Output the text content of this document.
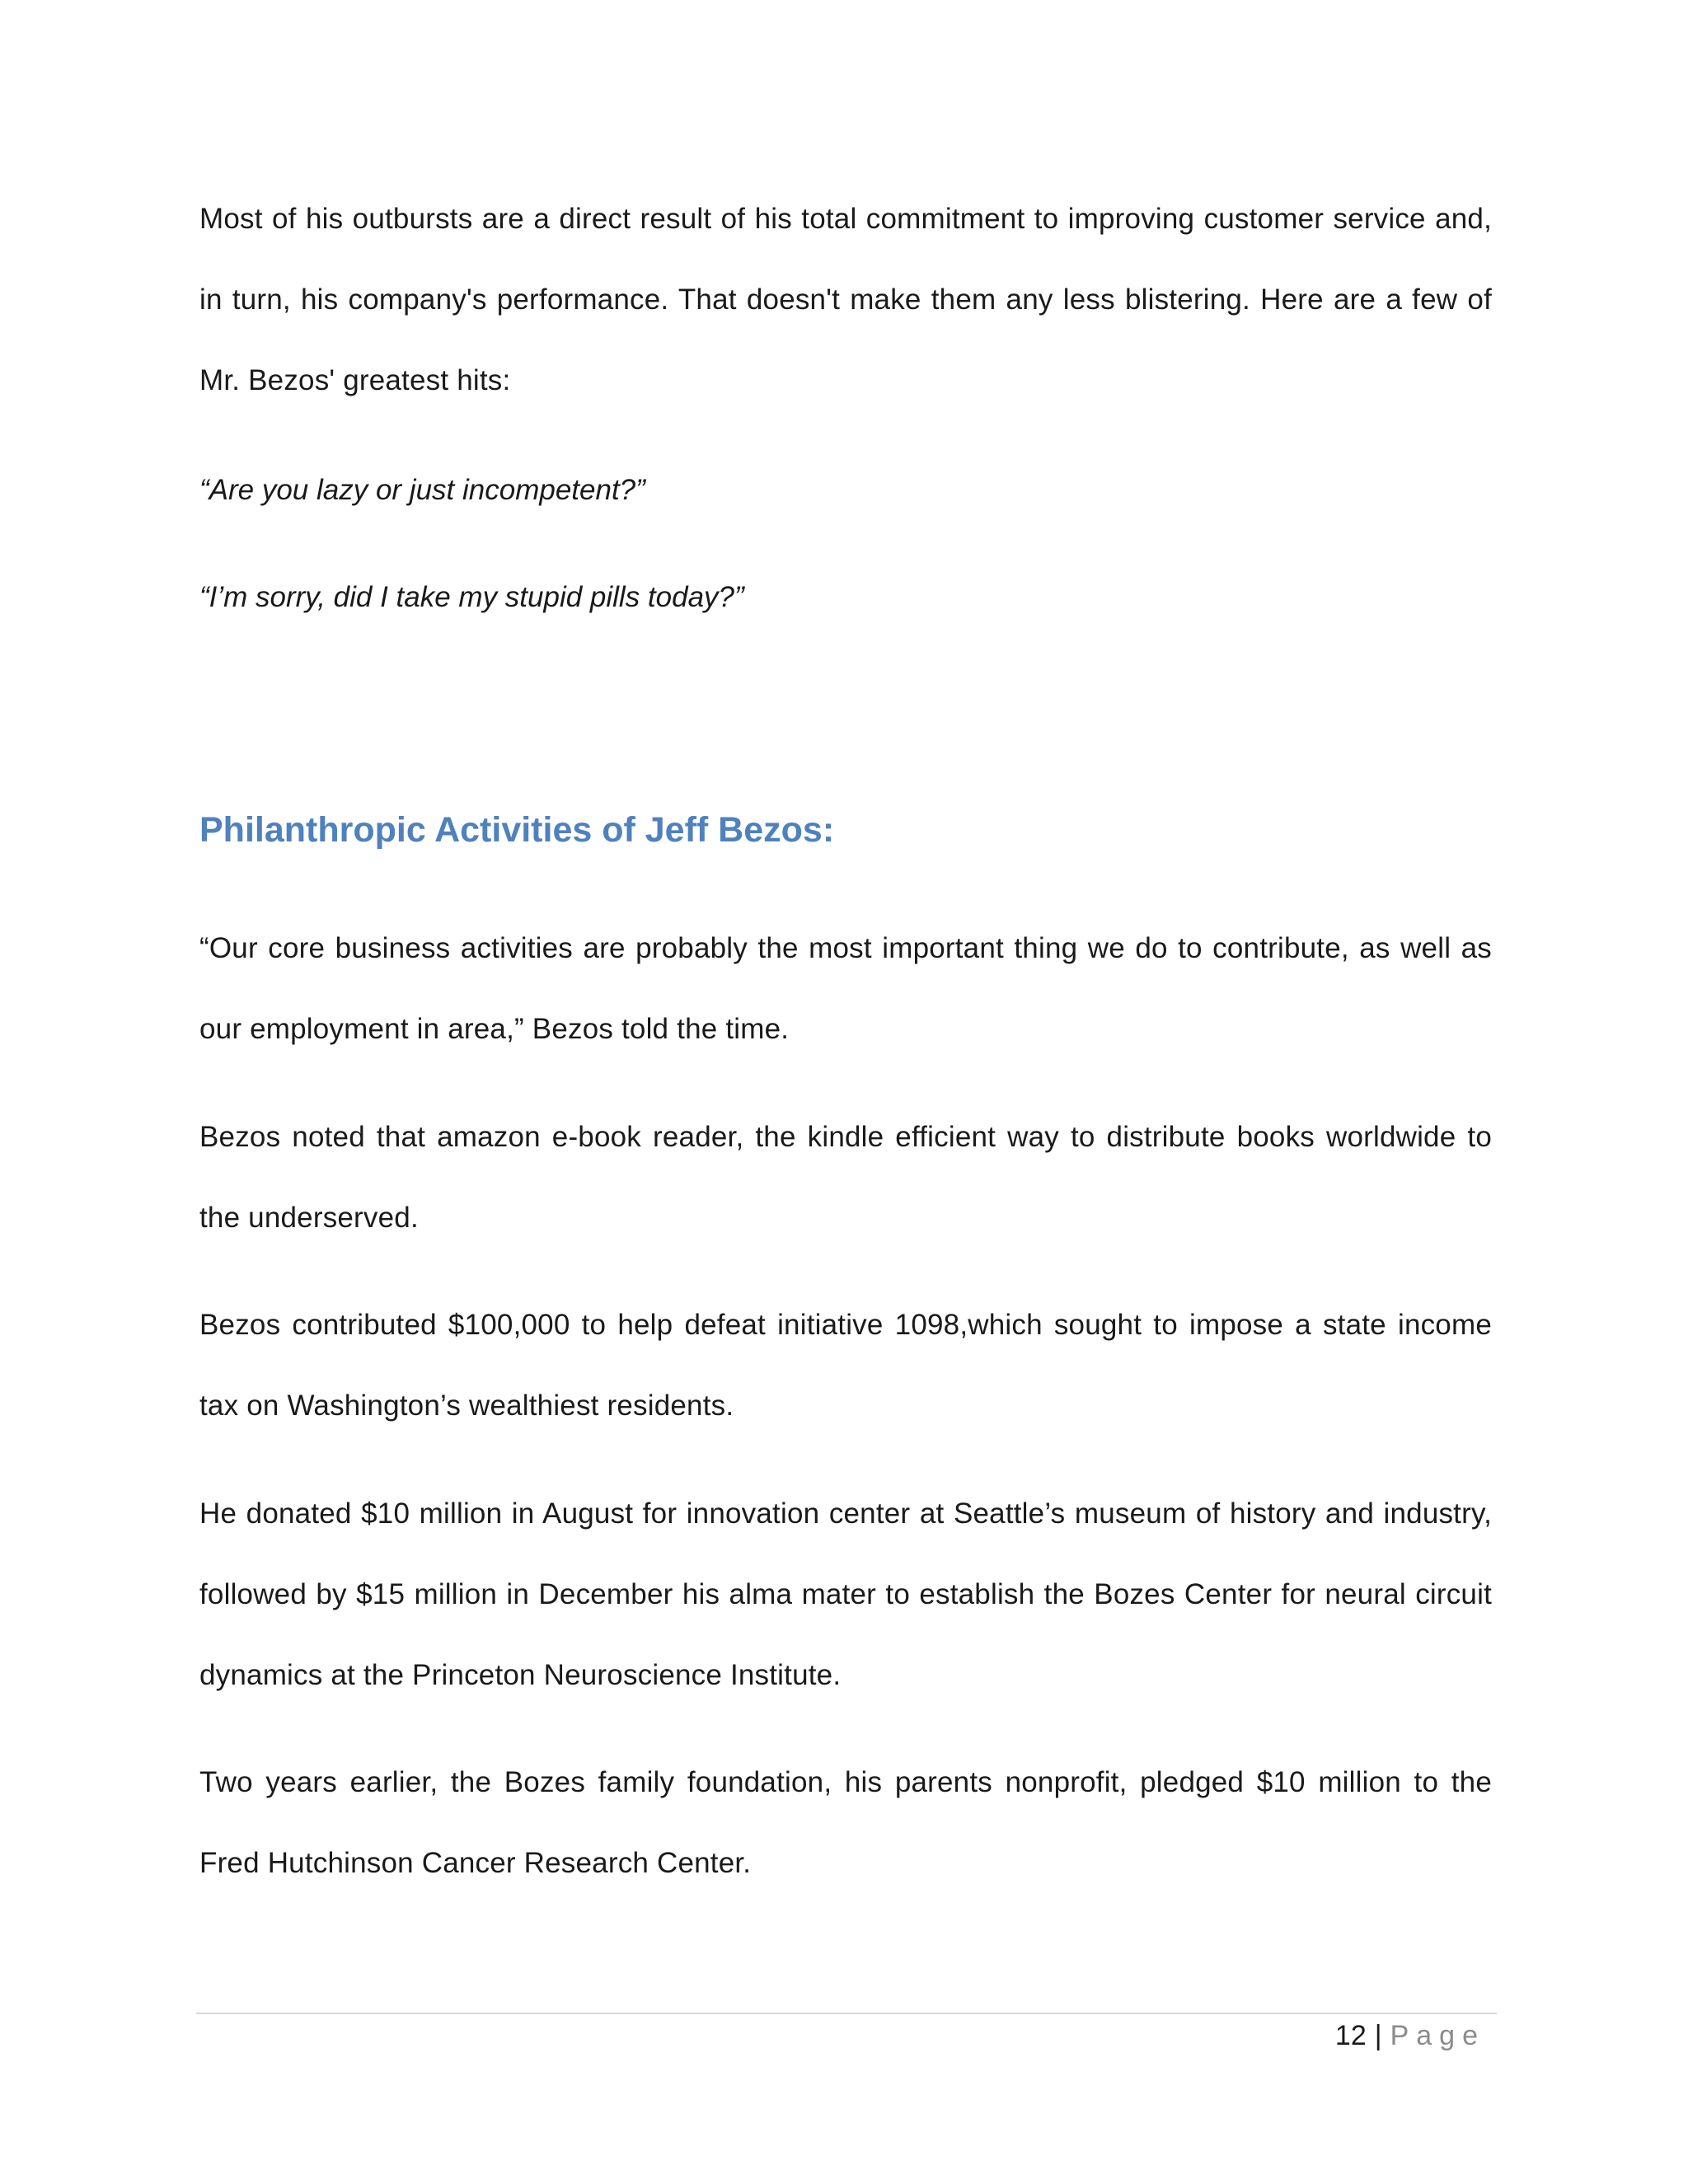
Most of his outbursts are a direct result of his total commitment to improving customer service and, in turn, his company's performance. That doesn't make them any less blistering. Here are a few of Mr. Bezos' greatest hits:

“Are you lazy or just incompetent?”

“I’m sorry, did I take my stupid pills today?”

Philanthropic Activities of Jeff Bezos:

“Our core business activities are probably the most important thing we do to contribute, as well as our employment in area,” Bezos told the time.

Bezos noted that amazon e-book reader, the kindle efficient way to distribute books worldwide to the underserved.

Bezos contributed $100,000 to help defeat initiative 1098,which sought to impose a state income tax on Washington’s wealthiest residents.

He donated $10 million in August for innovation center at Seattle’s museum of history and industry, followed by $15 million in December his alma mater to establish the Bozes Center for neural circuit dynamics at the Princeton Neuroscience Institute.

Two years earlier, the Bozes family foundation, his parents nonprofit, pledged $10 million to the Fred Hutchinson Cancer Research Center.

12 | Page
